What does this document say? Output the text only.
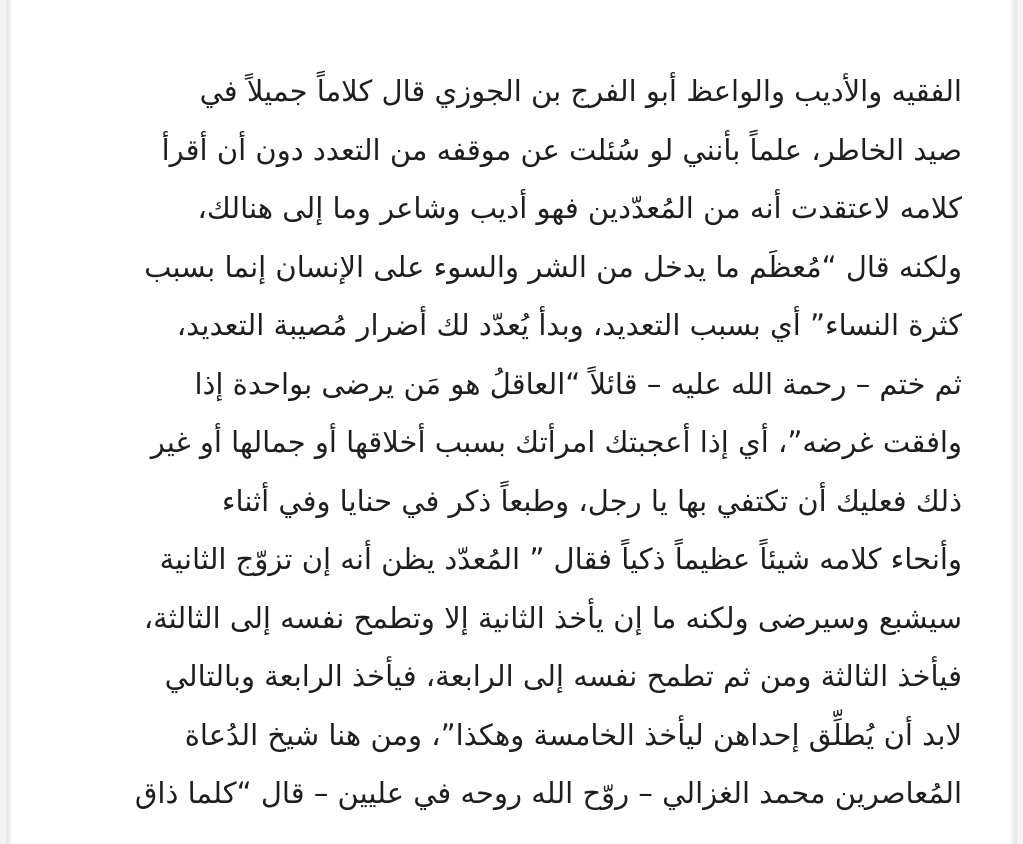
الفقيه والأديب والواعظ أبو الفرج بن الجوزي قال كلاماً جميلاً في
صيد الخاطر، علماً بأنني لو سُئلت عن موقفه من التعدد دون أن أقرأ
كلامه لاعتقدت أنه من المُعدّدين فهو أديب وشاعر وما إلى هنالك،
ولكنه قال “مُعظَم ما يدخل من الشر والسوء على الإنسان إنما بسبب
كثرة النساء” أي بسبب التعديد، وبدأ يُعدّد لك أضرار مُصيبة التعديد،
ثم ختم – رحمة الله عليه – قائلاً “العاقلُ هو مَن يرضى بواحدة إذا
وافقت غرضه”، أي إذا أعجبتك امرأتك بسبب أخلاقها أو جمالها أو غير
ذلك فعليك أن تكتفي بها يا رجل، وطبعاً ذكر في حنايا وفي أثناء
وأنحاء كلامه شيئاً عظيماً ذكياً فقال ” المُعدّد يظن أنه إن تزوّج الثانية
سيشبع وسيرضى ولكنه ما إن يأخذ الثانية إلا وتطمح نفسه إلى الثالثة،
فيأخذ الثالثة ومن ثم تطمح نفسه إلى الرابعة، فيأخذ الرابعة وبالتالي
لابد أن يُطلِّق إحداهن ليأخذ الخامسة وهكذا”، ومن هنا شيخ الدُعاة
المُعاصرين محمد الغزالي – روّح الله روحه في عليين – قال “كلما ذاق
